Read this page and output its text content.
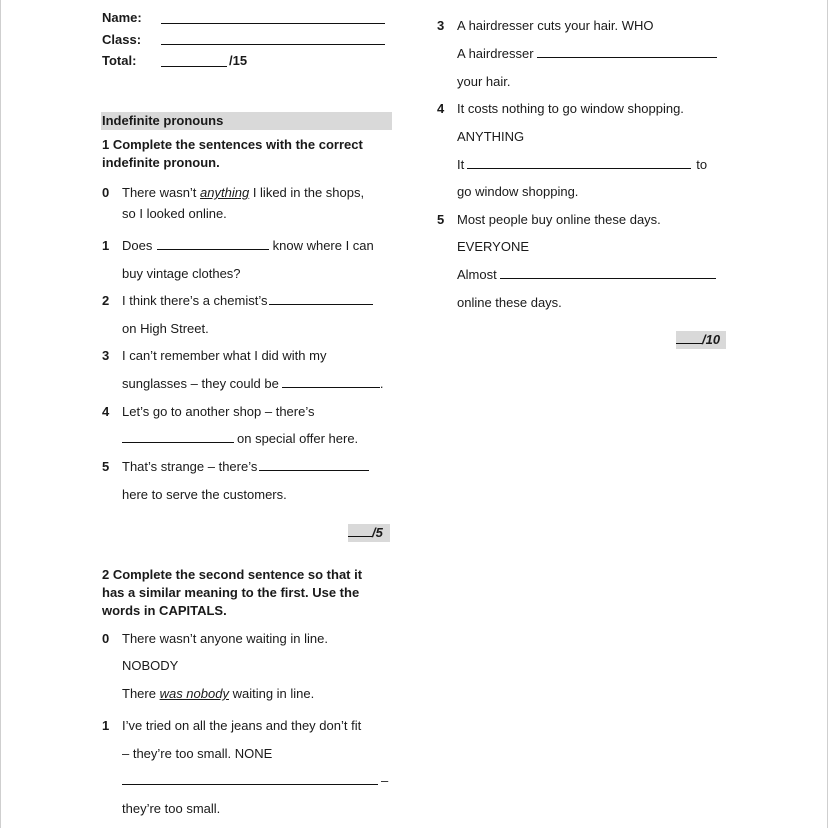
Name:
Class:
Total:	/15
Indefinite pronouns
1 Complete the sentences with the correct
indefinite pronoun.
0 There wasn’t anything I liked in the shops,
so I looked online.
1 Does	know where I can
buy vintage clothes?
2 I think there’s a chemist’s
on High Street.
3 I can’t remember what I did with my
sunglasses – they could be	.
4 Let’s go to another shop – there’s
on special offer here.
5 That’s strange – there’s
here to serve the customers.
/5
2 Complete the second sentence so that it
has a similar meaning to the first. Use the
words in CAPITALS.
0 There wasn’t anyone waiting in line.
NOBODY
There was nobody waiting in line.
1 I’ve tried on all the jeans and they don’t fit
– they’re too small. NONE
–
they’re too small.
3 A hairdresser cuts your hair. WHO
A hairdresser
your hair.
4 It costs nothing to go window shopping.
ANYTHING
It	to
go window shopping.
5 Most people buy online these days.
EVERYONE
Almost
online these days.
/10
